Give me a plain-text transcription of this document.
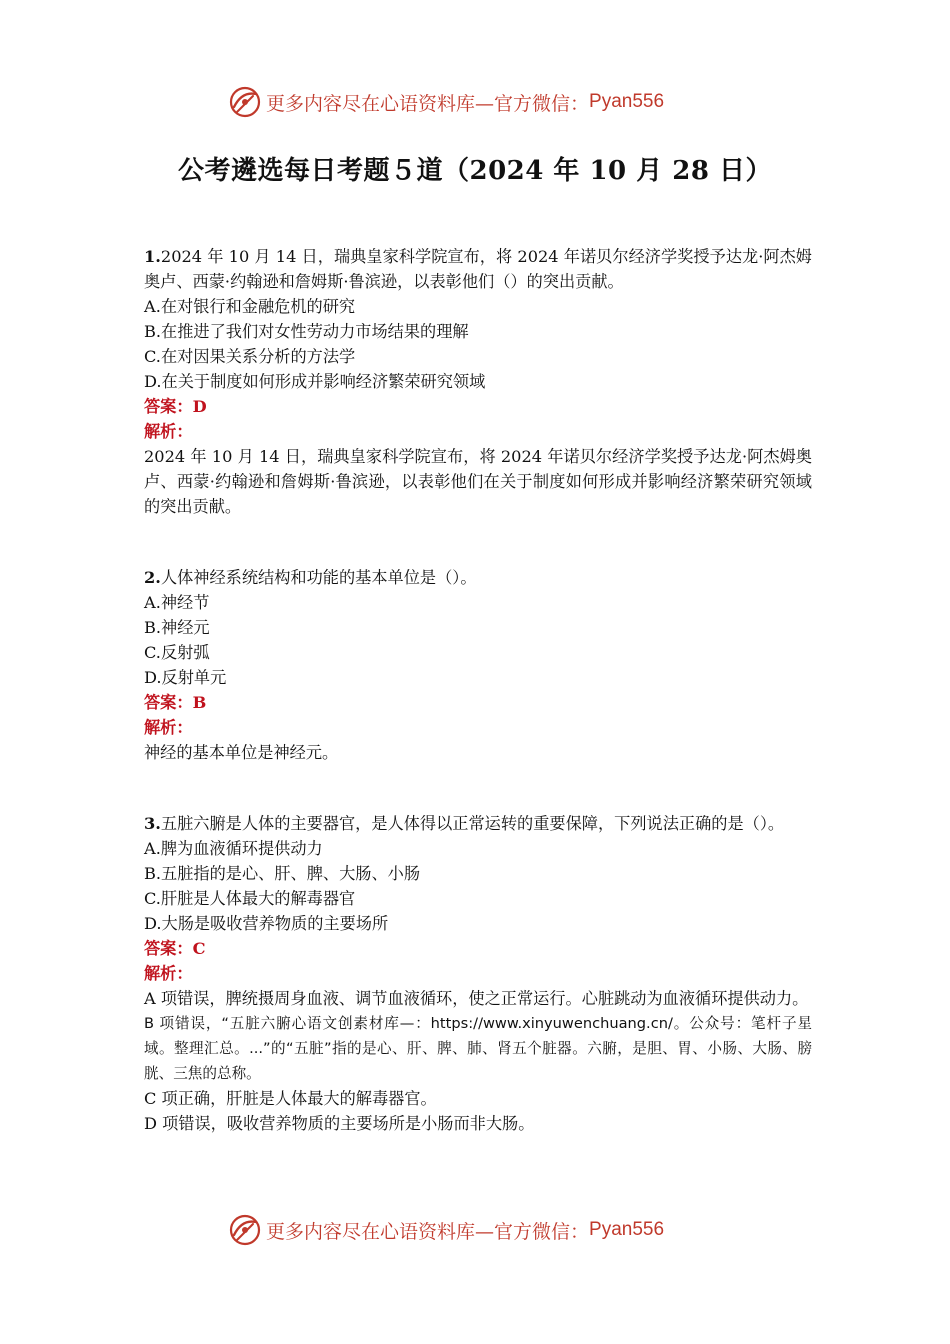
更多内容尽在心语资料库—官方微信： Pyan556
公考遴选每日考题５道（2024 年 10 月 28 日）

1.2024 年 10 月 14 日，瑞典皇家科学院宣布，将 2024 年诺贝尔经济学奖授予达龙·阿杰姆奥卢、西蒙·约翰逊和詹姆斯·鲁滨逊，以表彰他们（）的突出贡献。

A.在对银行和金融危机的研究

B.在推进了我们对女性劳动力市场结果的理解

C.在对因果关系分析的方法学

D.在关于制度如何形成并影响经济繁荣研究领域

答案：D

解析：

2024 年 10 月 14 日，瑞典皇家科学院宣布，将 2024 年诺贝尔经济学奖授予达龙·阿杰姆奥卢、西蒙·约翰逊和詹姆斯·鲁滨逊，以表彰他们在关于制度如何形成并影响经济繁荣研究领域的突出贡献。

2.人体神经系统结构和功能的基本单位是（）。

A.神经节

B.神经元

C.反射弧

D.反射单元

答案：B

解析：

神经的基本单位是神经元。

3.五脏六腑是人体的主要器官，是人体得以正常运转的重要保障，下列说法正确的是（）。

A.脾为血液循环提供动力

B.五脏指的是心、肝、脾、大肠、小肠

C.肝脏是人体最大的解毒器官

D.大肠是吸收营养物质的主要场所

答案：C

解析：

A 项错误，脾统摄周身血液、调节血液循环，使之正常运行。心脏跳动为血液循环提供动力。

B 项错误，“五脏六腑心语文创素材库—：https://www.xinyuwenchuang.cn/。公众号：笔杆子星域。整理汇总。...”的“五脏”指的是心、肝、脾、肺、肾五个脏器。六腑，是胆、胃、小肠、大肠、膀胱、三焦的总称。

C 项正确，肝脏是人体最大的解毒器官。

D 项错误，吸收营养物质的主要场所是小肠而非大肠。

更多内容尽在心语资料库—官方微信： Pyan556
